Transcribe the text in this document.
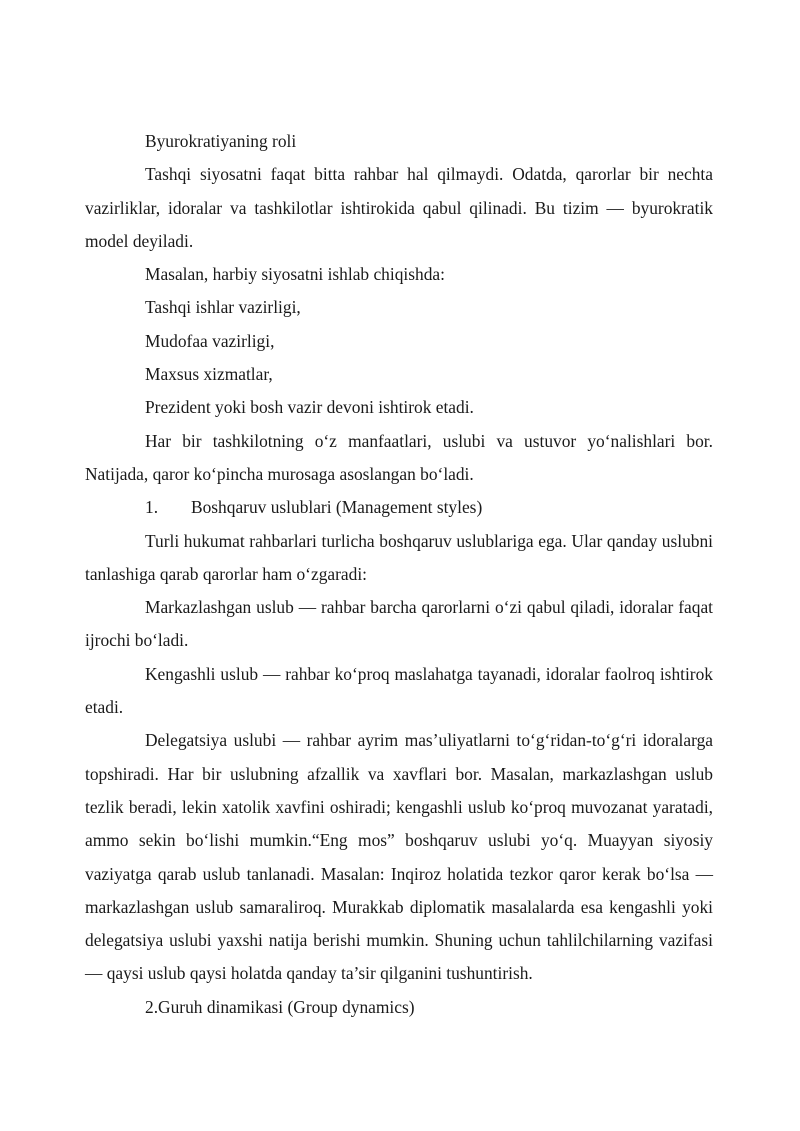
Byurokratiyaning roli

Tashqi siyosatni faqat bitta rahbar hal qilmaydi. Odatda, qarorlar bir nechta vazirliklar, idoralar va tashkilotlar ishtirokida qabul qilinadi. Bu tizim — byurokratik model deyiladi.

Masalan, harbiy siyosatni ishlab chiqishda:

Tashqi ishlar vazirligi,

Mudofaa vazirligi,

Maxsus xizmatlar,

Prezident yoki bosh vazir devoni ishtirok etadi.

Har bir tashkilotning o‘z manfaatlari, uslubi va ustuvor yo‘nalishlari bor. Natijada, qaror ko‘pincha murosaga asoslangan bo‘ladi.

1. Boshqaruv uslublari (Management styles)

Turli hukumat rahbarlari turlicha boshqaruv uslublariga ega. Ular qanday uslubni tanlashiga qarab qarorlar ham o‘zgaradi:

Markazlashgan uslub — rahbar barcha qarorlarni o‘zi qabul qiladi, idoralar faqat ijrochi bo‘ladi.

Kengashli uslub — rahbar ko‘proq maslahatga tayanadi, idoralar faolroq ishtirok etadi.

Delegatsiya uslubi — rahbar ayrim mas’uliyatlarni to‘g‘ridan-to‘g‘ri idoralarga topshiradi. Har bir uslubning afzallik va xavflari bor. Masalan, markazlashgan uslub tezlik beradi, lekin xatolik xavfini oshiradi; kengashli uslub ko‘proq muvozanat yaratadi, ammo sekin bo‘lishi mumkin.“Eng mos” boshqaruv uslubi yo‘q. Muayyan siyosiy vaziyatga qarab uslub tanlanadi. Masalan: Inqiroz holatida tezkor qaror kerak bo‘lsa — markazlashgan uslub samaraliroq. Murakkab diplomatik masalalarda esa kengashli yoki delegatsiya uslubi yaxshi natija berishi mumkin. Shuning uchun tahlilchilarning vazifasi — qaysi uslub qaysi holatda qanday ta’sir qilganini tushuntirish.

2.Guruh dinamikasi (Group dynamics)
